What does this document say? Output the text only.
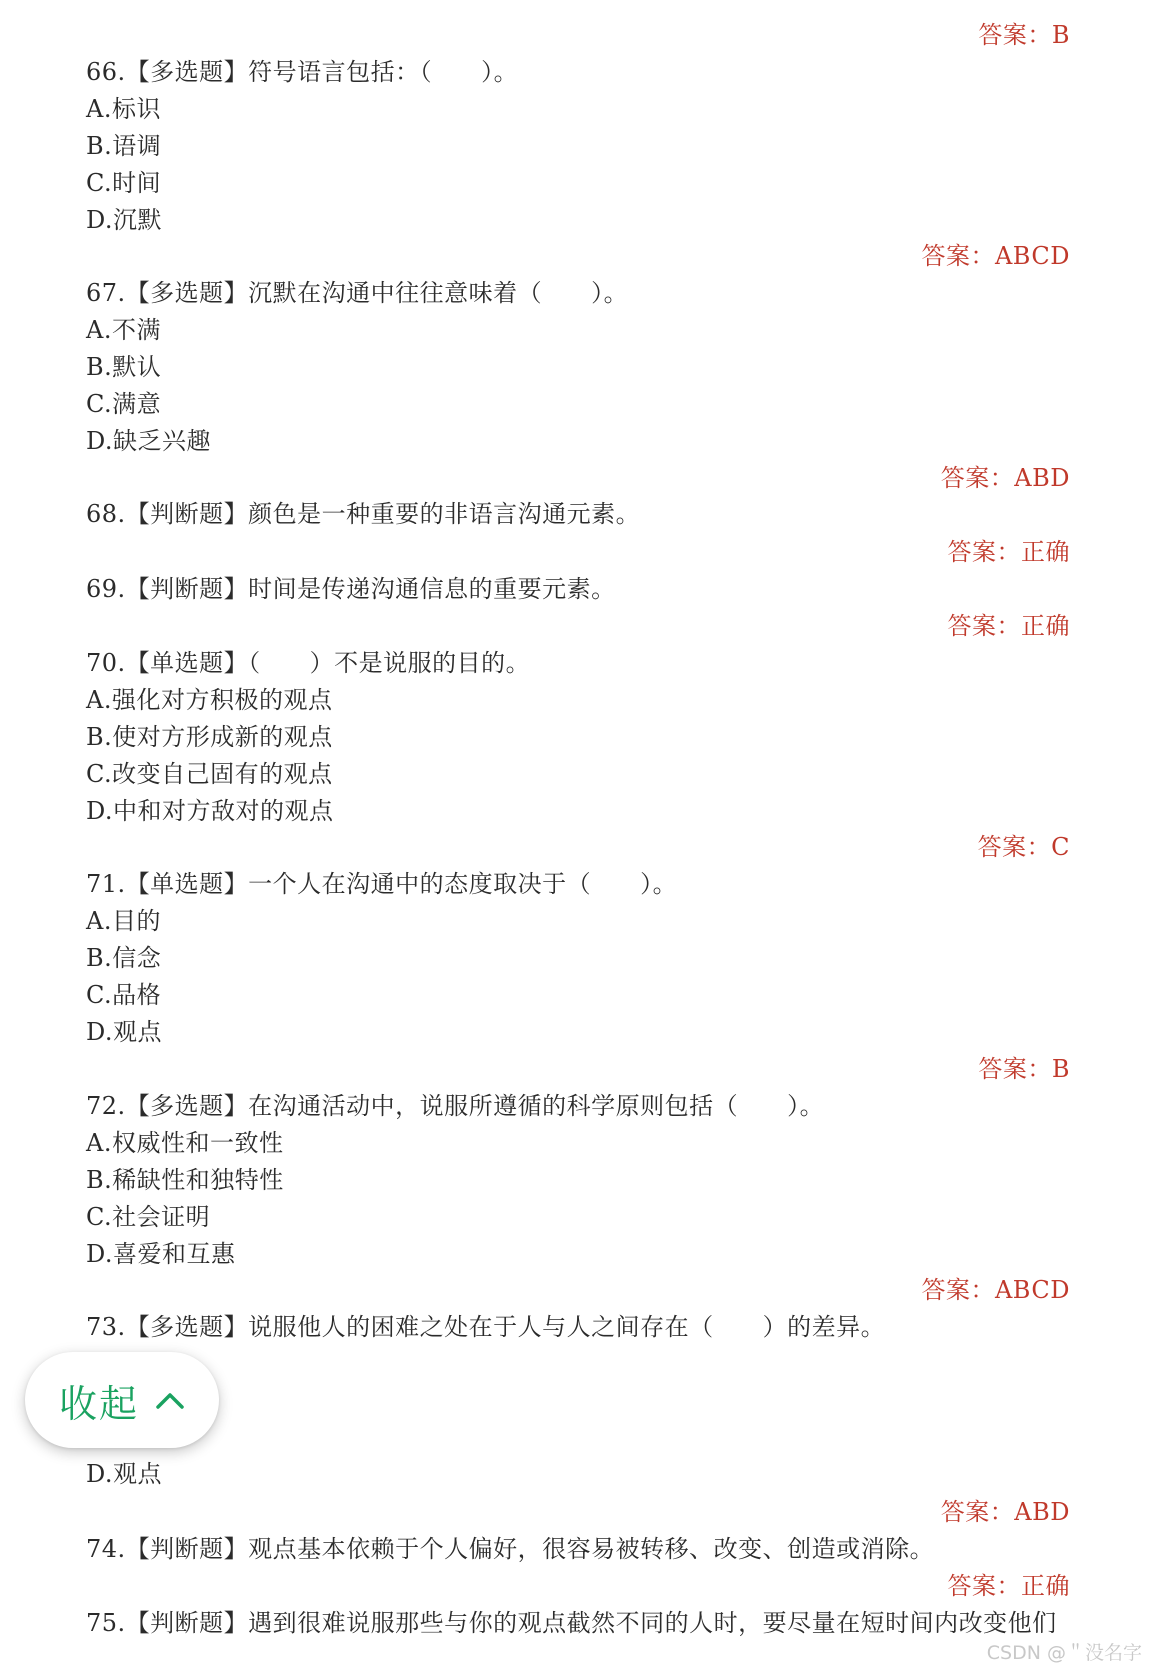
答案：B
66.【多选题】符号语言包括：（　　）。
A.标识
B.语调
C.时间
D.沉默
答案：ABCD
67.【多选题】沉默在沟通中往往意味着（　　）。
A.不满
B.默认
C.满意
D.缺乏兴趣
答案：ABD
68.【判断题】颜色是一种重要的非语言沟通元素。
答案：正确
69.【判断题】时间是传递沟通信息的重要元素。
答案：正确
70.【单选题】（　　）不是说服的目的。
A.强化对方积极的观点
B.使对方形成新的观点
C.改变自己固有的观点
D.中和对方敌对的观点
答案：C
71.【单选题】一个人在沟通中的态度取决于（　　）。
A.目的
B.信念
C.品格
D.观点
答案：B
72.【多选题】在沟通活动中，说服所遵循的科学原则包括（　　）。
A.权威性和一致性
B.稀缺性和独特性
C.社会证明
D.喜爱和互惠
答案：ABCD
73.【多选题】说服他人的困难之处在于人与人之间存在（　　）的差异。
D.观点
答案：ABD
74.【判断题】观点基本依赖于个人偏好，很容易被转移、改变、创造或消除。
答案：正确
75.【判断题】遇到很难说服那些与你的观点截然不同的人时，要尽量在短时间内改变他们
收起
CSDN @＂没名字
